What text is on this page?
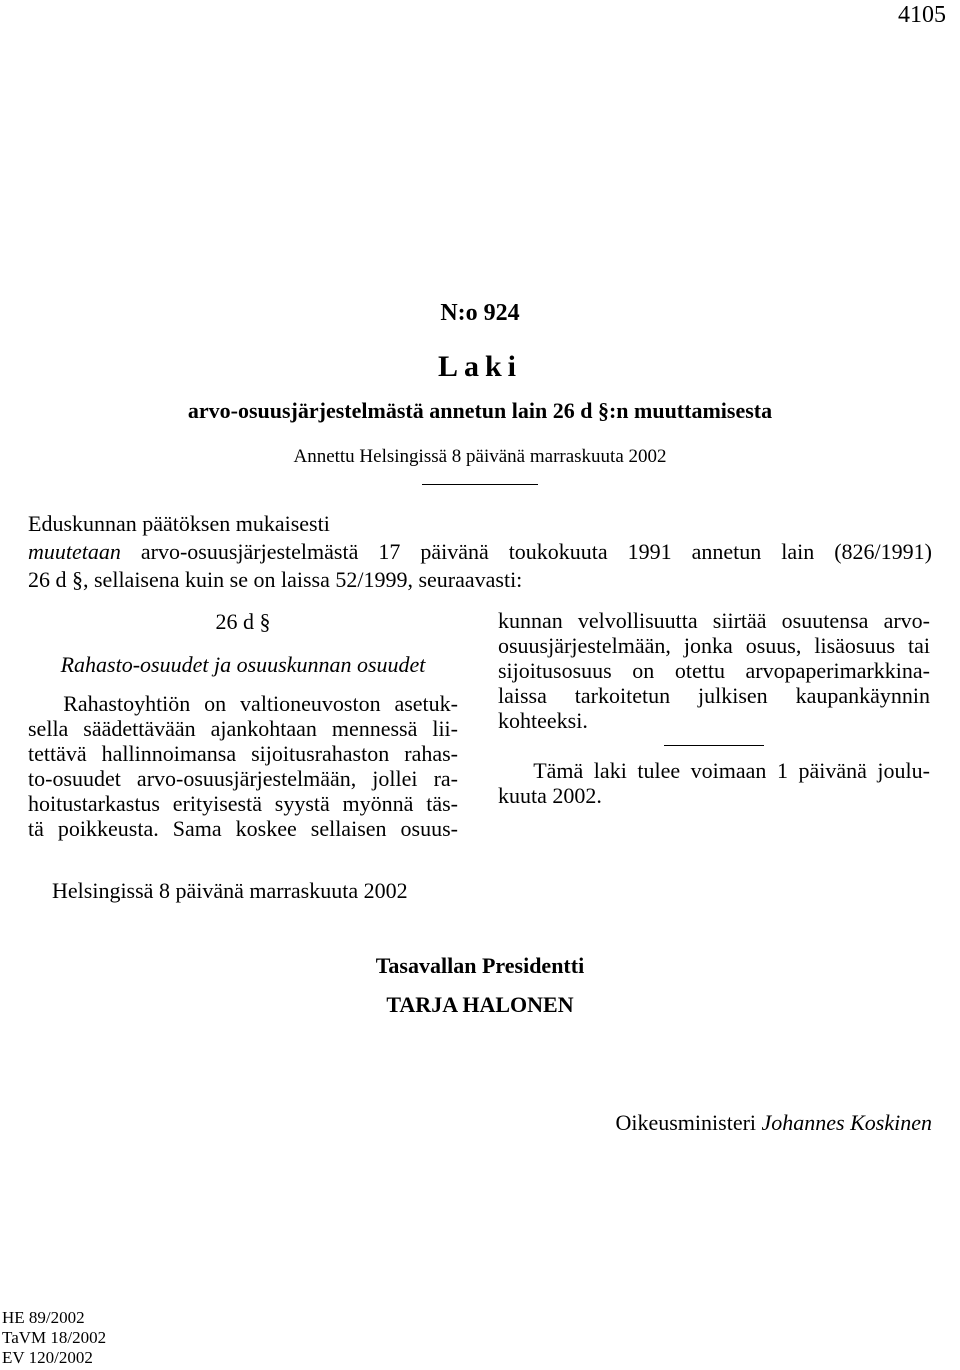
4105
N:o 924
Laki
arvo-osuusjärjestelmästä annetun lain 26 d §:n muuttamisesta
Annettu Helsingissä 8 päivänä marraskuuta 2002
Eduskunnan päätöksen mukaisesti
muutetaan arvo-osuusjärjestelmästä 17 päivänä toukokuuta 1991 annetun lain (826/1991)
26 d §, sellaisena kuin se on laissa 52/1999, seuraavasti:
26 d §
Rahasto-osuudet ja osuuskunnan osuudet
Rahastoyhtiön on valtioneuvoston asetuk-
sella säädettävään ajankohtaan mennessä lii-
tettävä hallinnoimansa sijoitusrahaston rahas-
to-osuudet arvo-osuusjärjestelmään, jollei ra-
hoitustarkastus erityisestä syystä myönnä täs-
tä poikkeusta. Sama koskee sellaisen osuus-
kunnan velvollisuutta siirtää osuutensa arvo-
osuusjärjestelmään, jonka osuus, lisäosuus tai
sijoitusosuus on otettu arvopaperimarkkina-
laissa tarkoitetun julkisen kaupankäynnin
kohteeksi.
Tämä laki tulee voimaan 1 päivänä joulu-
kuuta 2002.
Helsingissä 8 päivänä marraskuuta 2002
Tasavallan Presidentti
TARJA HALONEN
Oikeusministeri Johannes Koskinen
HE 89/2002
TaVM 18/2002
EV 120/2002
